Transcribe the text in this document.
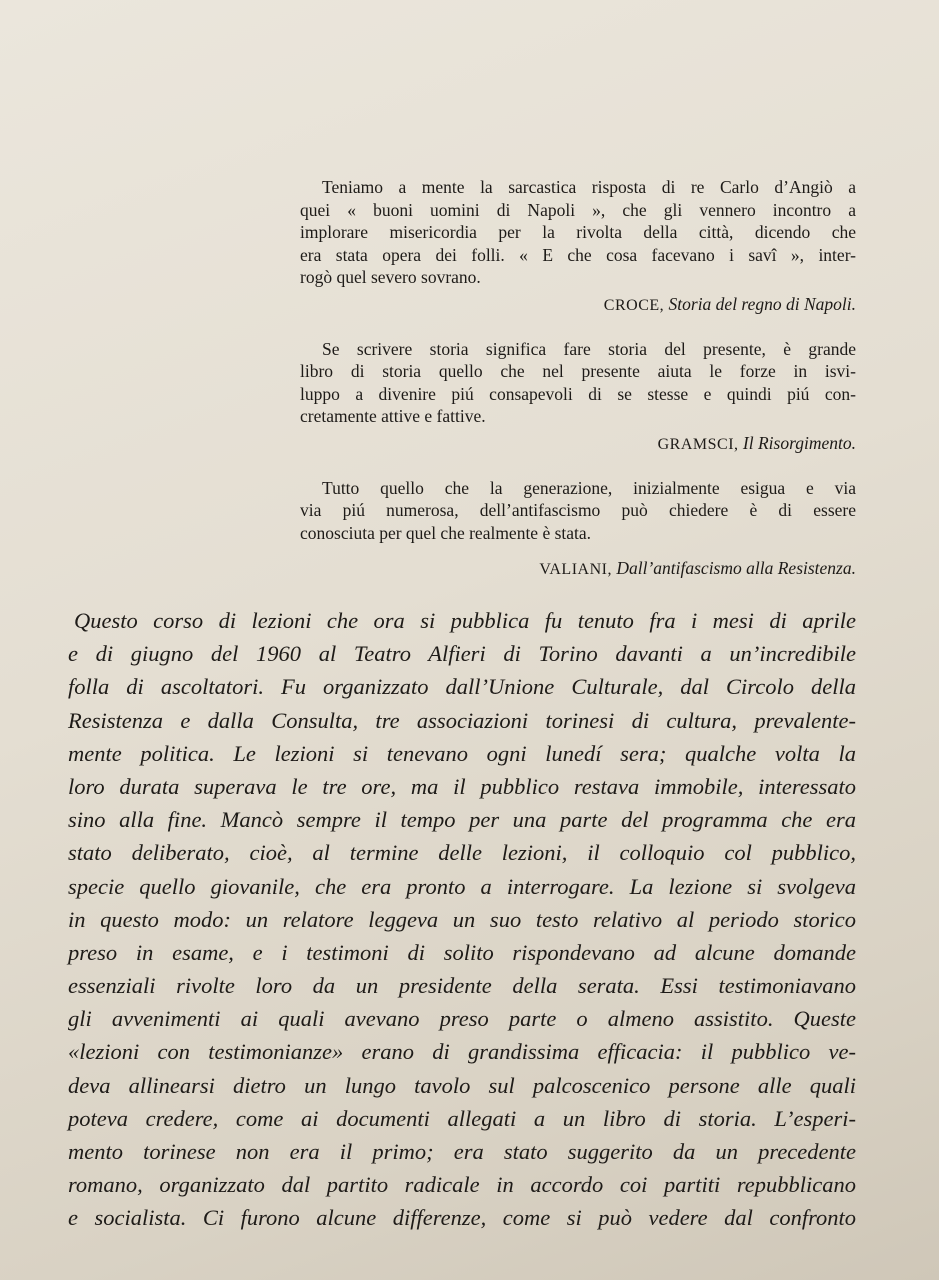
Teniamo a mente la sarcastica risposta di re Carlo d’Angiò a
quei « buoni uomini di Napoli », che gli vennero incontro a
implorare misericordia per la rivolta della città, dicendo che
era stata opera dei folli. « E che cosa facevano i savî », inter-
rogò quel severo sovrano.
CROCE, Storia del regno di Napoli.
Se scrivere storia significa fare storia del presente, è grande
libro di storia quello che nel presente aiuta le forze in isvi-
luppo a divenire piú consapevoli di se stesse e quindi piú con-
cretamente attive e fattive.
GRAMSCI, Il Risorgimento.
Tutto quello che la generazione, inizialmente esigua e via
via piú numerosa, dell’antifascismo può chiedere è di essere
conosciuta per quel che realmente è stata.
VALIANI, Dall’antifascismo alla Resistenza.
Questo corso di lezioni che ora si pubblica fu tenuto fra i mesi di aprile
e di giugno del 1960 al Teatro Alfieri di Torino davanti a un’incredibile
folla di ascoltatori. Fu organizzato dall’Unione Culturale, dal Circolo della
Resistenza e dalla Consulta, tre associazioni torinesi di cultura, prevalente-
mente politica. Le lezioni si tenevano ogni lunedí sera; qualche volta la
loro durata superava le tre ore, ma il pubblico restava immobile, interessato
sino alla fine. Mancò sempre il tempo per una parte del programma che era
stato deliberato, cioè, al termine delle lezioni, il colloquio col pubblico,
specie quello giovanile, che era pronto a interrogare. La lezione si svolgeva
in questo modo: un relatore leggeva un suo testo relativo al periodo storico
preso in esame, e i testimoni di solito rispondevano ad alcune domande
essenziali rivolte loro da un presidente della serata. Essi testimoniavano
gli avvenimenti ai quali avevano preso parte o almeno assistito. Queste
«lezioni con testimonianze» erano di grandissima efficacia: il pubblico ve-
deva allinearsi dietro un lungo tavolo sul palcoscenico persone alle quali
poteva credere, come ai documenti allegati a un libro di storia. L’esperi-
mento torinese non era il primo; era stato suggerito da un precedente
romano, organizzato dal partito radicale in accordo coi partiti repubblicano
e socialista. Ci furono alcune differenze, come si può vedere dal confronto
